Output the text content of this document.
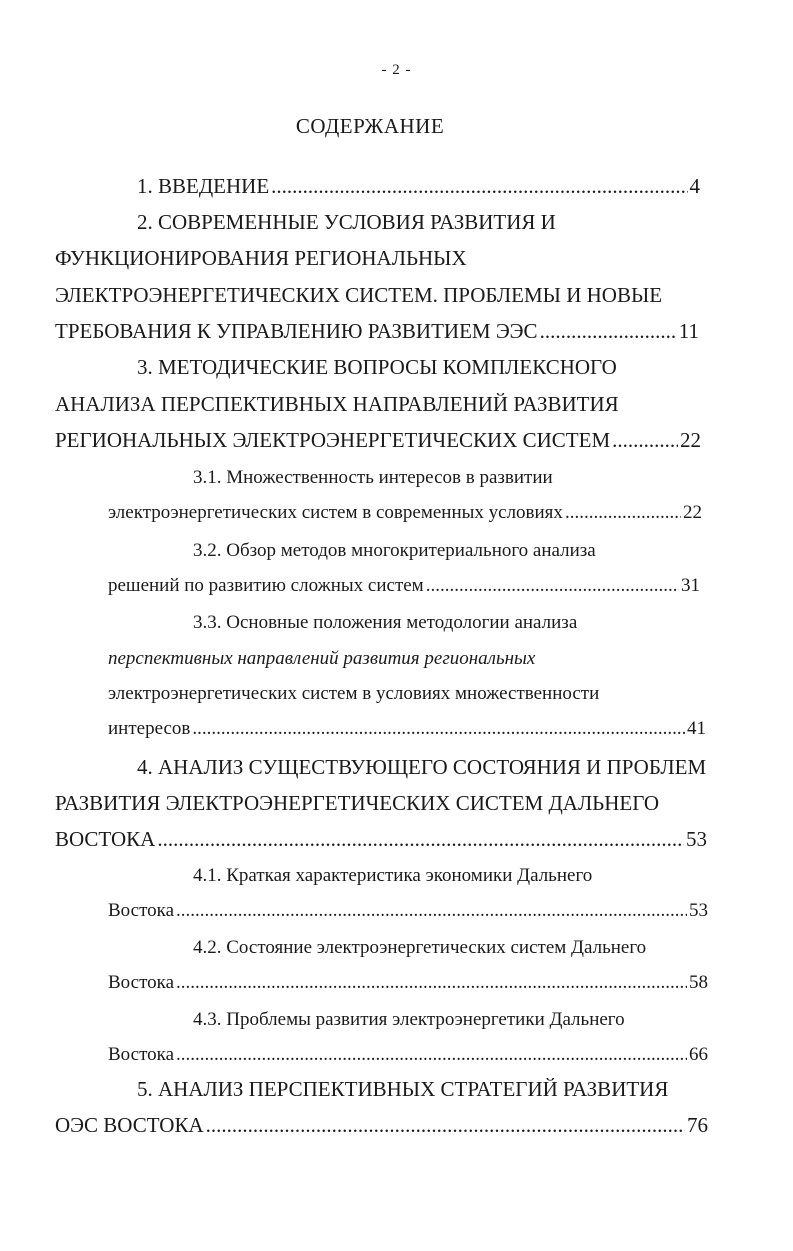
- 2 -
СОДЕРЖАНИЕ
1. ВВЕДЕНИЕ .....	4
2. СОВРЕМЕННЫЕ УСЛОВИЯ РАЗВИТИЯ И
ФУНКЦИОНИРОВАНИЯ РЕГИОНАЛЬНЫХ
ЭЛЕКТРОЭНЕРГЕТИЧЕСКИХ СИСТЕМ. ПРОБЛЕМЫ И НОВЫЕ
ТРЕБОВАНИЯ К УПРАВЛЕНИЮ РАЗВИТИЕМ ЭЭС .....	11
3. МЕТОДИЧЕСКИЕ ВОПРОСЫ КОМПЛЕКСНОГО
АНАЛИЗА ПЕРСПЕКТИВНЫХ НАПРАВЛЕНИЙ РАЗВИТИЯ
РЕГИОНАЛЬНЫХ ЭЛЕКТРОЭНЕРГЕТИЧЕСКИХ СИСТЕМ .....	22
3.1. Множественность интересов в развитии
электроэнергетических систем в современных условиях .....	22
3.2. Обзор методов многокритериального анализа
решений по развитию сложных систем .....	31
3.3. Основные положения методологии анализа
перспективных направлений развития региональных
электроэнергетических систем в условиях множественности
интересов .....	41
4. АНАЛИЗ СУЩЕСТВУЮЩЕГО СОСТОЯНИЯ И ПРОБЛЕМ
РАЗВИТИЯ ЭЛЕКТРОЭНЕРГЕТИЧЕСКИХ СИСТЕМ ДАЛЬНЕГО
ВОСТОКА .....	53
4.1. Краткая характеристика экономики Дальнего
Востока .....	53
4.2. Состояние электроэнергетических систем Дальнего
Востока .....	58
4.3. Проблемы развития электроэнергетики Дальнего
Востока .....	66
5. АНАЛИЗ ПЕРСПЕКТИВНЫХ СТРАТЕГИЙ РАЗВИТИЯ
ОЭС ВОСТОКА .....	76
